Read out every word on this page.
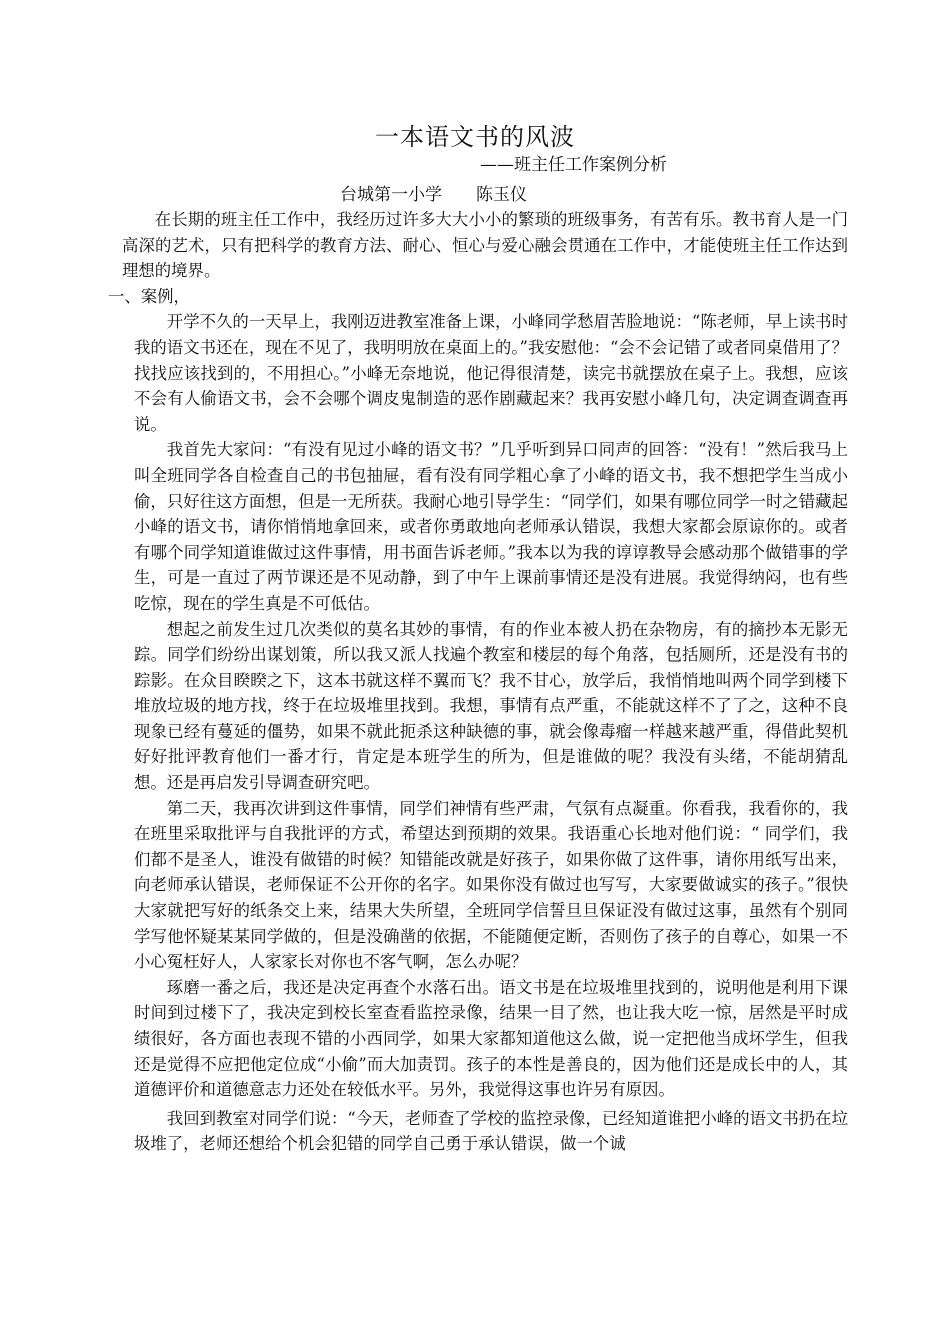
一本语文书的风波
——班主任工作案例分析
台城第一小学　　陈玉仪

在长期的班主任工作中，我经历过许多大大小小的繁琐的班级事务，有苦有乐。教书育人是一门高深的艺术，只有把科学的教育方法、耐心、恒心与爱心融会贯通在工作中，才能使班主任工作达到理想的境界。

一、案例，

开学不久的一天早上，我刚迈进教室准备上课，小峰同学愁眉苦脸地说：“陈老师，早上读书时我的语文书还在，现在不见了，我明明放在桌面上的。”我安慰他：“会不会记错了或者同桌借用了？找找应该找到的，不用担心。”小峰无奈地说，他记得很清楚，读完书就摆放在桌子上。我想，应该不会有人偷语文书，会不会哪个调皮鬼制造的恶作剧藏起来？我再安慰小峰几句，决定调查调查再说。

我首先大家问：“有没有见过小峰的语文书？”几乎听到异口同声的回答：“没有！”然后我马上叫全班同学各自检查自己的书包抽屉，看有没有同学粗心拿了小峰的语文书，我不想把学生当成小偷，只好往这方面想，但是一无所获。我耐心地引导学生：“同学们，如果有哪位同学一时之错藏起小峰的语文书，请你悄悄地拿回来，或者你勇敢地向老师承认错误，我想大家都会原谅你的。或者有哪个同学知道谁做过这件事情，用书面告诉老师。”我本以为我的谆谆教导会感动那个做错事的学生，可是一直过了两节课还是不见动静，到了中午上课前事情还是没有进展。我觉得纳闷，也有些吃惊，现在的学生真是不可低估。

想起之前发生过几次类似的莫名其妙的事情，有的作业本被人扔在杂物房，有的摘抄本无影无踪。同学们纷纷出谋划策，所以我又派人找遍个教室和楼层的每个角落，包括厕所，还是没有书的踪影。在众目睽睽之下，这本书就这样不翼而飞？我不甘心，放学后，我悄悄地叫两个同学到楼下堆放垃圾的地方找，终于在垃圾堆里找到。我想，事情有点严重，不能就这样不了了之，这种不良现象已经有蔓延的僵势，如果不就此扼杀这种缺德的事，就会像毒瘤一样越来越严重，得借此契机好好批评教育他们一番才行，肯定是本班学生的所为，但是谁做的呢？我没有头绪，不能胡猜乱想。还是再启发引导调查研究吧。

第二天，我再次讲到这件事情，同学们神情有些严肃，气氛有点凝重。你看我，我看你的，我在班里采取批评与自我批评的方式，希望达到预期的效果。我语重心长地对他们说：“ 同学们，我们都不是圣人，谁没有做错的时候？知错能改就是好孩子，如果你做了这件事，请你用纸写出来，向老师承认错误，老师保证不公开你的名字。如果你没有做过也写写，大家要做诚实的孩子。”很快大家就把写好的纸条交上来，结果大失所望，全班同学信誓旦旦保证没有做过这事，虽然有个别同学写他怀疑某某同学做的，但是没确凿的依据，不能随便定断，否则伤了孩子的自尊心，如果一不小心冤枉好人，人家家长对你也不客气啊，怎么办呢？

琢磨一番之后，我还是决定再查个水落石出。语文书是在垃圾堆里找到的，说明他是利用下课时间到过楼下了，我决定到校长室查看监控录像，结果一目了然，也让我大吃一惊，居然是平时成绩很好，各方面也表现不错的小西同学，如果大家都知道他这么做，说一定把他当成坏学生，但我还是觉得不应把他定位成“小偷”而大加责罚。孩子的本性是善良的，因为他们还是成长中的人，其道德评价和道德意志力还处在较低水平。另外，我觉得这事也许另有原因。

我回到教室对同学们说：“今天，老师查了学校的监控录像，已经知道谁把小峰的语文书扔在垃圾堆了，老师还想给个机会犯错的同学自己勇于承认错误，做一个诚
